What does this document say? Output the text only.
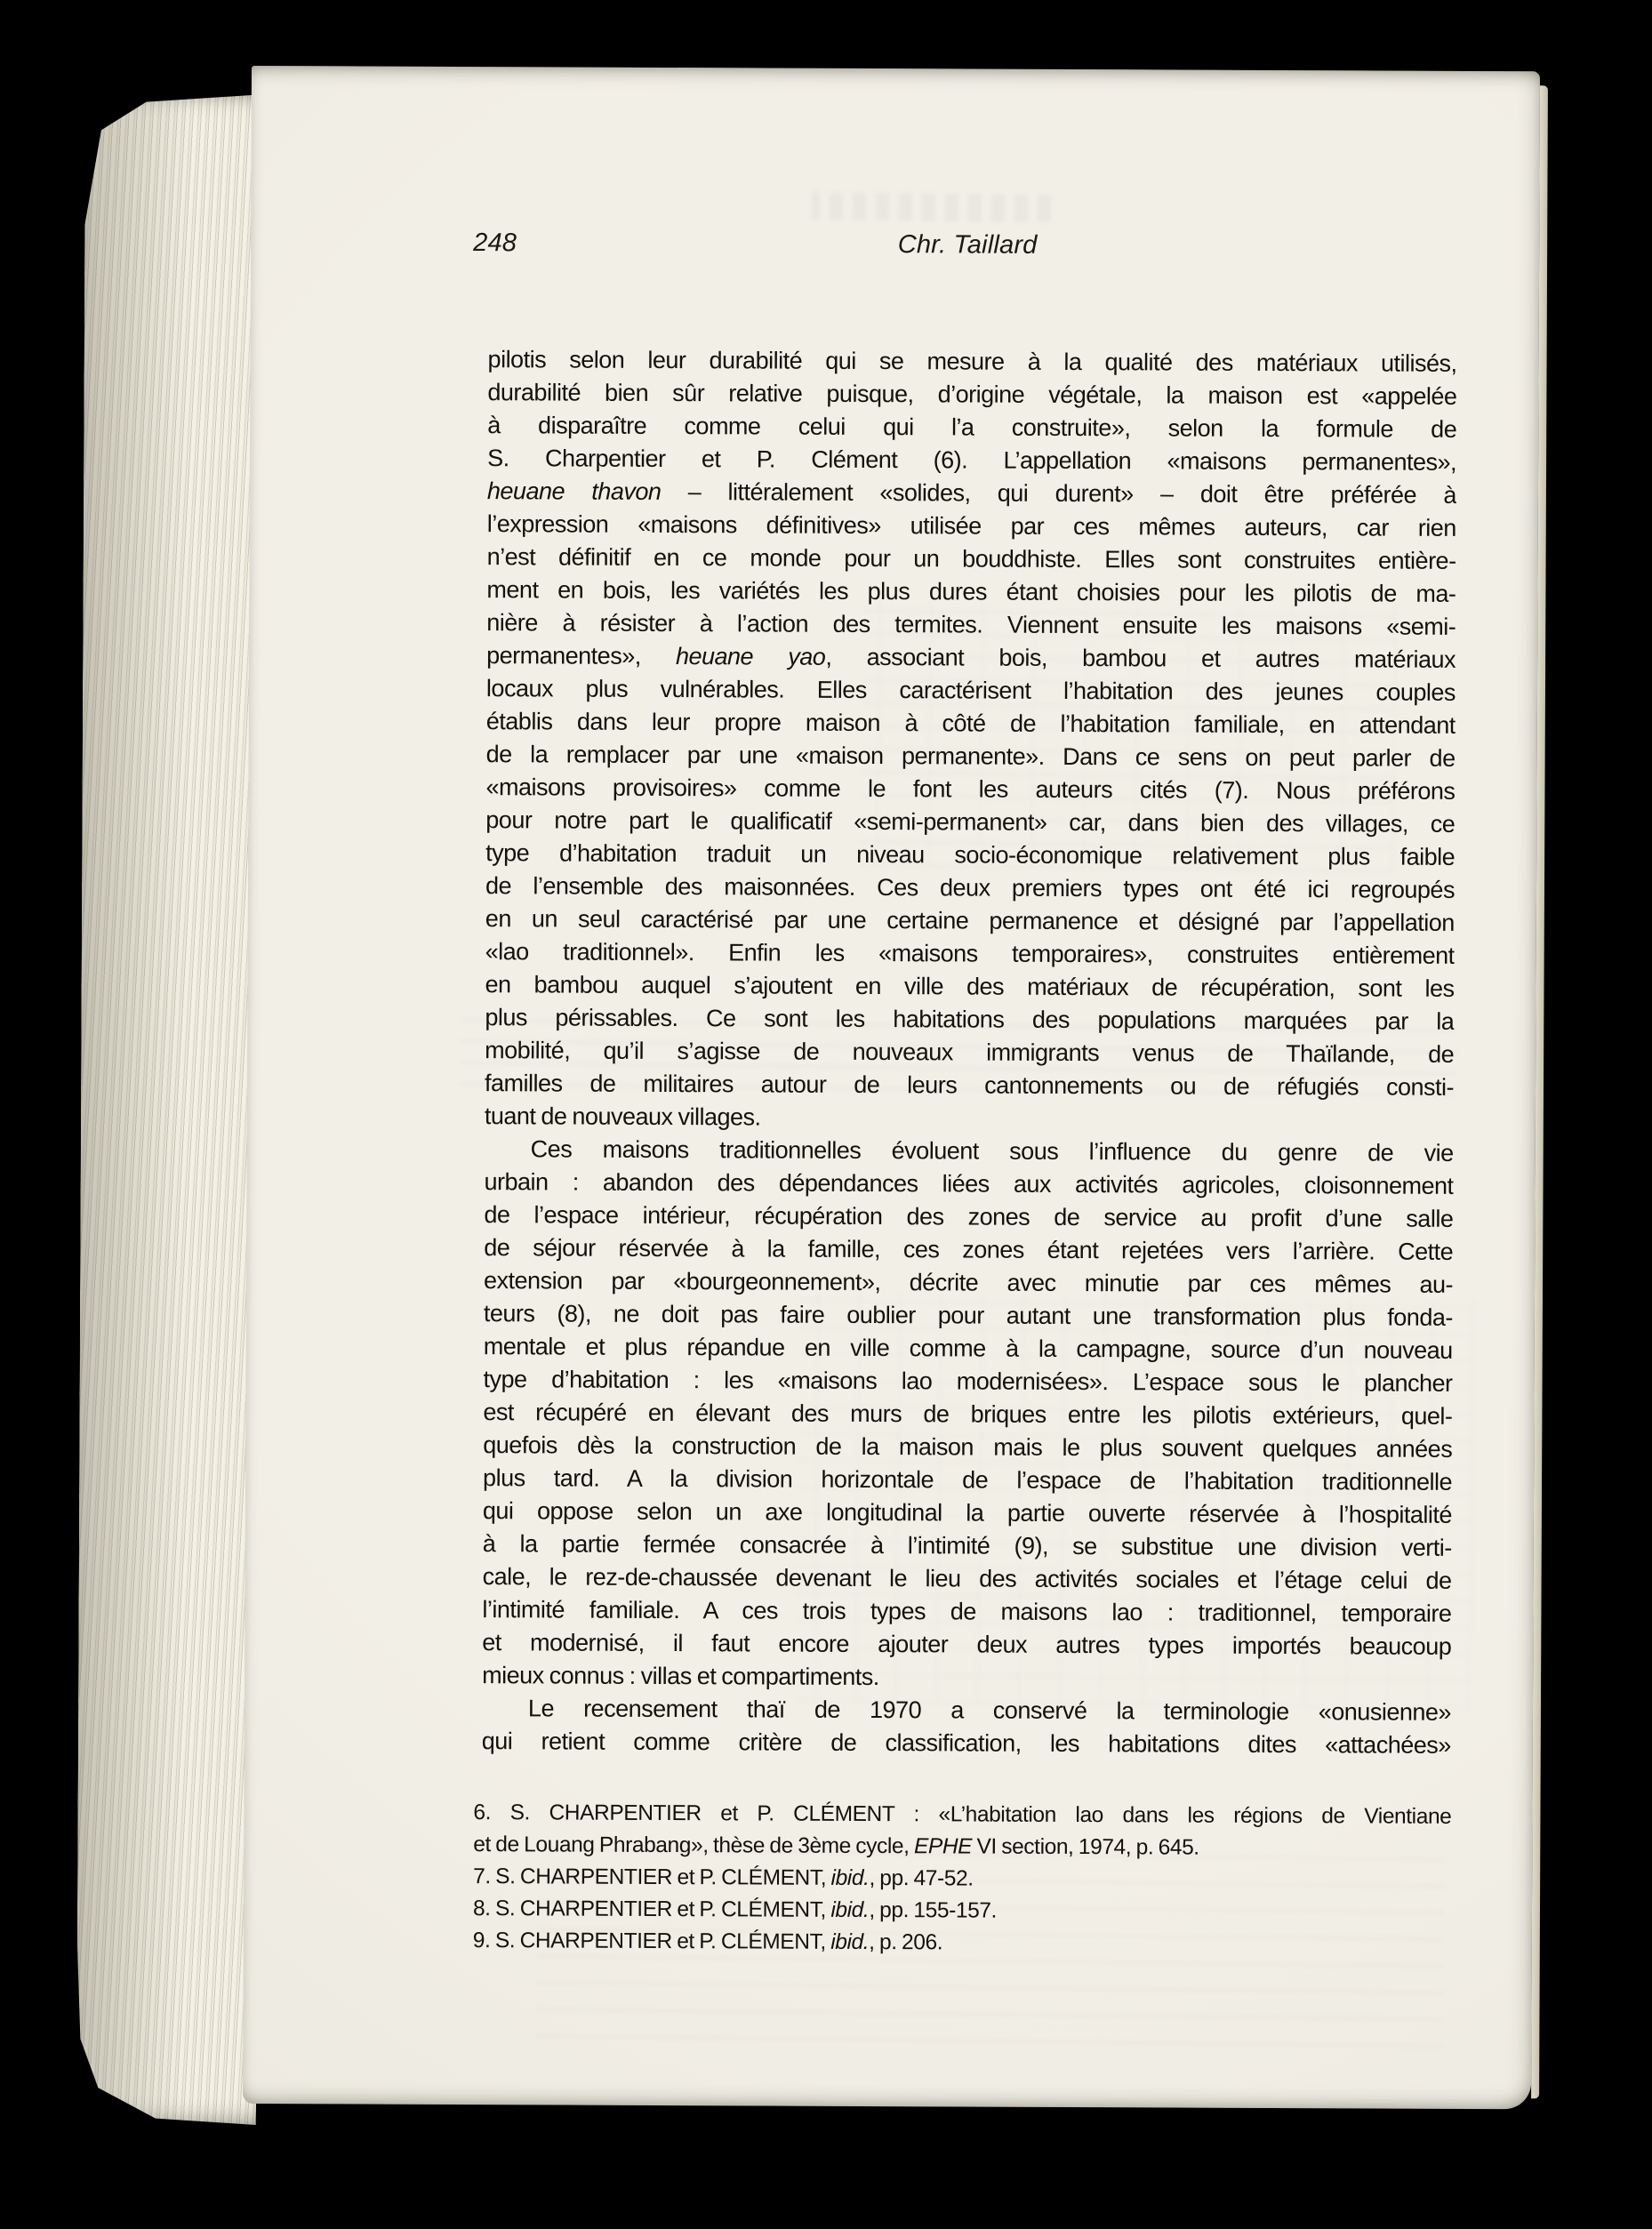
248	Chr. Taillard
pilotis selon leur durabilité qui se mesure à la qualité des matériaux utilisés,
durabilité bien sûr relative puisque, d’origine végétale, la maison est «appelée
à disparaître comme celui qui l’a construite», selon la formule de
S. Charpentier et P. Clément (6). L’appellation «maisons permanentes»,
heuane thavon – littéralement «solides, qui durent» – doit être préférée à
l’expression «maisons définitives» utilisée par ces mêmes auteurs, car rien
n’est définitif en ce monde pour un bouddhiste. Elles sont construites entière-
ment en bois, les variétés les plus dures étant choisies pour les pilotis de ma-
nière à résister à l’action des termites. Viennent ensuite les maisons «semi-
permanentes», heuane yao, associant bois, bambou et autres matériaux
locaux plus vulnérables. Elles caractérisent l’habitation des jeunes couples
établis dans leur propre maison à côté de l’habitation familiale, en attendant
de la remplacer par une «maison permanente». Dans ce sens on peut parler de
«maisons provisoires» comme le font les auteurs cités (7). Nous préférons
pour notre part le qualificatif «semi-permanent» car, dans bien des villages, ce
type d’habitation traduit un niveau socio-économique relativement plus faible
de l’ensemble des maisonnées. Ces deux premiers types ont été ici regroupés
en un seul caractérisé par une certaine permanence et désigné par l’appellation
«lao traditionnel». Enfin les «maisons temporaires», construites entièrement
en bambou auquel s’ajoutent en ville des matériaux de récupération, sont les
plus périssables. Ce sont les habitations des populations marquées par la
mobilité, qu’il s’agisse de nouveaux immigrants venus de Thaïlande, de
familles de militaires autour de leurs cantonnements ou de réfugiés consti-
tuant de nouveaux villages.
Ces maisons traditionnelles évoluent sous l’influence du genre de vie
urbain : abandon des dépendances liées aux activités agricoles, cloisonnement
de l’espace intérieur, récupération des zones de service au profit d’une salle
de séjour réservée à la famille, ces zones étant rejetées vers l’arrière. Cette
extension par «bourgeonnement», décrite avec minutie par ces mêmes au-
teurs (8), ne doit pas faire oublier pour autant une transformation plus fonda-
mentale et plus répandue en ville comme à la campagne, source d’un nouveau
type d’habitation : les «maisons lao modernisées». L’espace sous le plancher
est récupéré en élevant des murs de briques entre les pilotis extérieurs, quel-
quefois dès la construction de la maison mais le plus souvent quelques années
plus tard. A la division horizontale de l’espace de l’habitation traditionnelle
qui oppose selon un axe longitudinal la partie ouverte réservée à l’hospitalité
à la partie fermée consacrée à l’intimité (9), se substitue une division verti-
cale, le rez-de-chaussée devenant le lieu des activités sociales et l’étage celui de
l’intimité familiale. A ces trois types de maisons lao : traditionnel, temporaire
et modernisé, il faut encore ajouter deux autres types importés beaucoup
mieux connus : villas et compartiments.
Le recensement thaï de 1970 a conservé la terminologie «onusienne»
qui retient comme critère de classification, les habitations dites «attachées»
6. S. CHARPENTIER et P. CLÉMENT : «L’habitation lao dans les régions de Vientiane
et de Louang Phrabang», thèse de 3ème cycle, EPHE VI section, 1974, p. 645.
7. S. CHARPENTIER et P. CLÉMENT, ibid., pp. 47-52.
8. S. CHARPENTIER et P. CLÉMENT, ibid., pp. 155-157.
9. S. CHARPENTIER et P. CLÉMENT, ibid., p. 206.
